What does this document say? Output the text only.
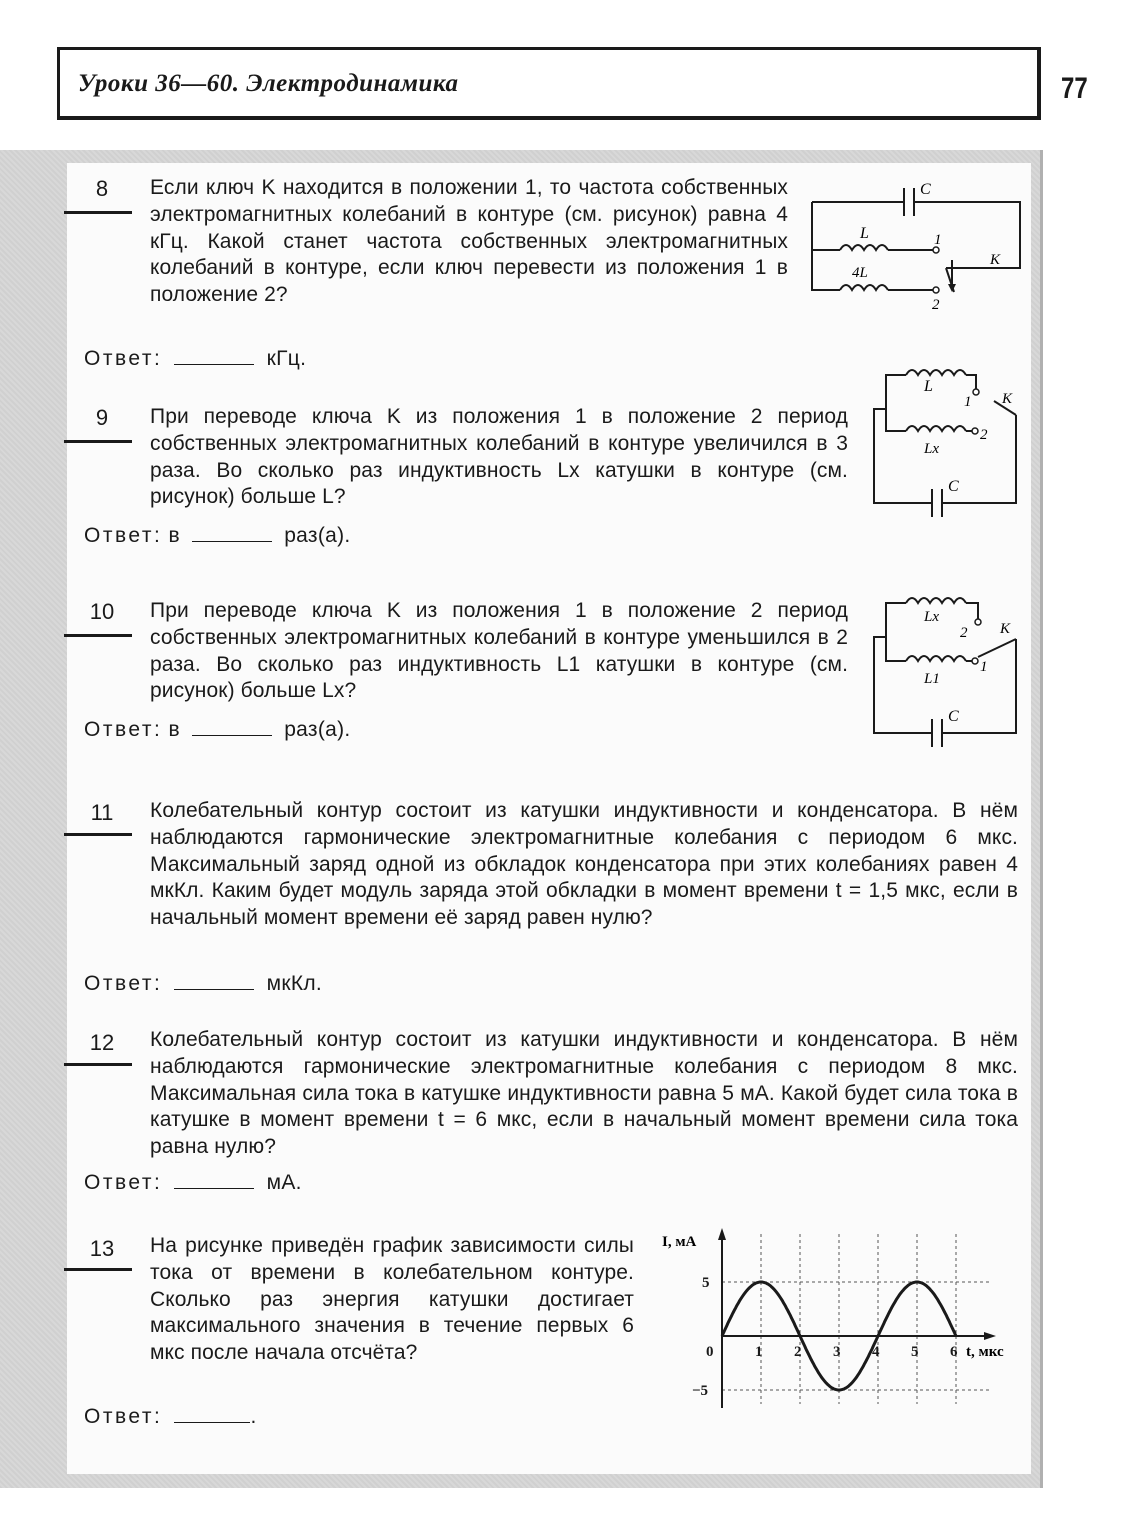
Уроки 36—60. Электродинамика	77
8	Если ключ K находится в положении 1, то частота собственных электромагнитных колебаний в контуре (см. рисунок) равна 4 кГц. Какой станет частота собственных электромагнитных колебаний в контуре, если ключ перевести из положения 1 в положение 2?
Ответ:	кГц.
C
L
4L
1
2
K
9	При переводе ключа K из положения 1 в положение 2 период собственных электромагнитных колебаний в контуре увеличился в 3 раза. Во сколько раз индуктивность Lx катушки в контуре (см. рисунок) больше L?
Ответ: в	раз(а).
L
1 K
2
Lx
C
10	При переводе ключа K из положения 1 в положение 2 период собственных электромагнитных колебаний в контуре уменьшился в 2 раза. Во сколько раз индуктивность L1 катушки в контуре (см. рисунок) больше Lx?
Ответ: в	раз(а).
Lx
2 K
1
L1
C
11	Колебательный контур состоит из катушки индуктивности и конденсатора. В нём наблюдаются гармонические электромагнитные колебания с периодом 6 мкс. Максимальный заряд одной из обкладок конденсатора при этих колебаниях равен 4 мкКл. Каким будет модуль заряда этой обкладки в момент времени t = 1,5 мкс, если в начальный момент времени её заряд равен нулю?
Ответ:	мкКл.
12	Колебательный контур состоит из катушки индуктивности и конденсатора. В нём наблюдаются гармонические электромагнитные колебания с периодом 8 мкс. Максимальная сила тока в катушке индуктивности равна 5 мА. Какой будет сила тока в катушке в момент времени t = 6 мкс, если в начальный момент времени сила тока равна нулю?
Ответ:	мА.
13	На рисунке приведён график зависимости силы тока от времени в колебательном контуре. Сколько раз энергия катушки достигает максимального значения в течение первых 6 мкс после начала отсчёта?
Ответ:	.
0	1 2 3 4 5 6
5
−5
I, мА
t, мкс
